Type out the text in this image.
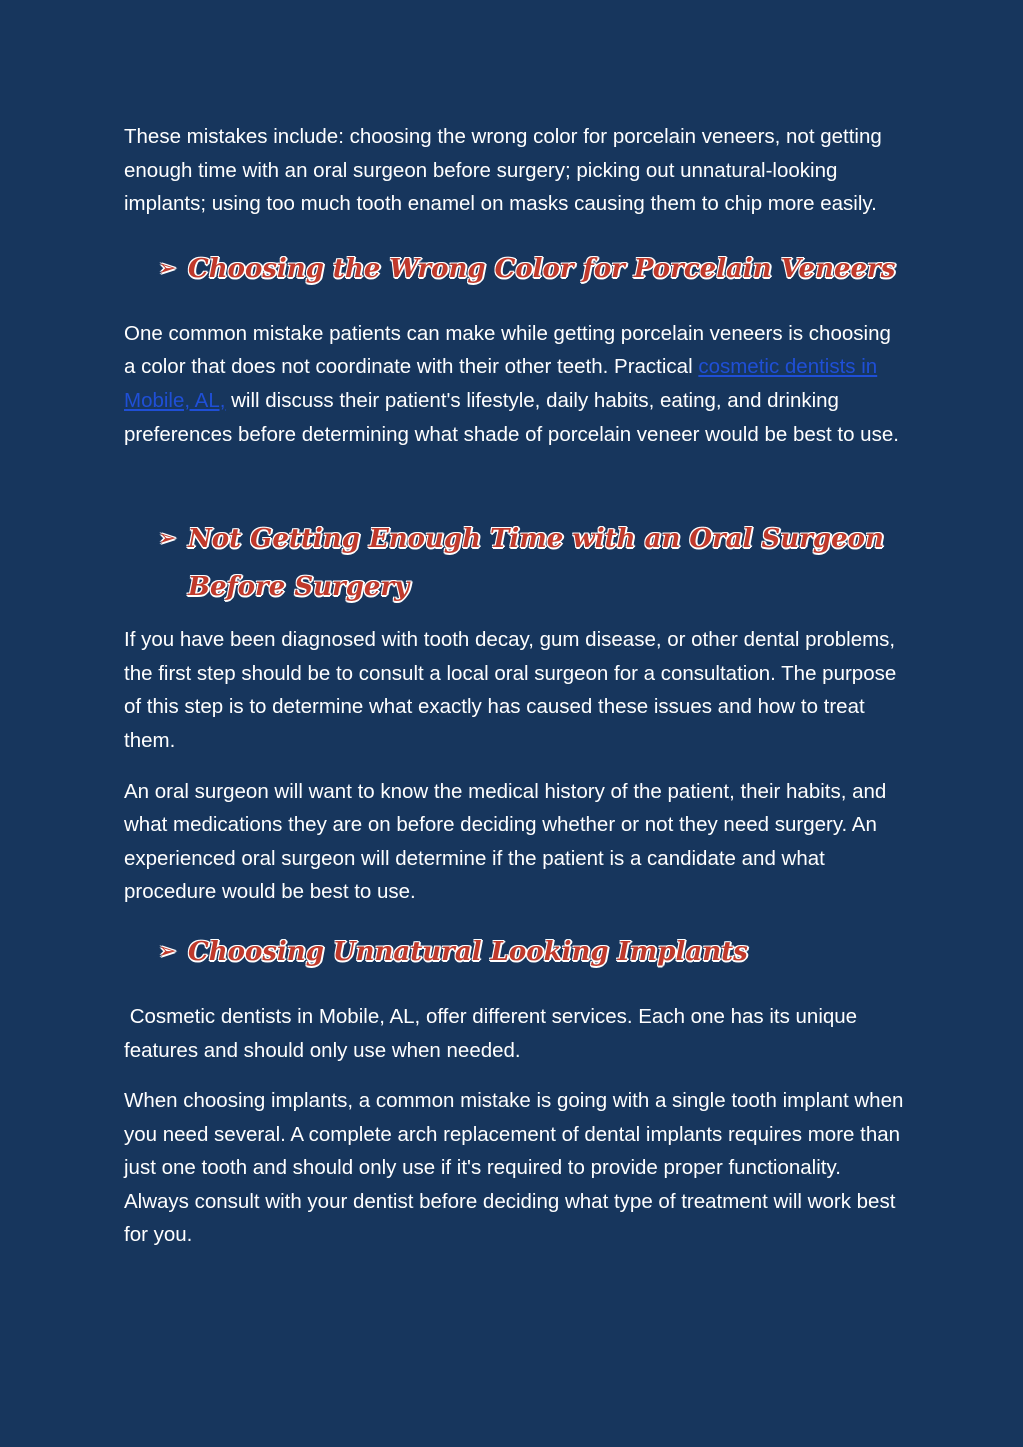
These mistakes include: choosing the wrong color for porcelain veneers, not getting enough time with an oral surgeon before surgery; picking out unnatural-looking implants; using too much tooth enamel on masks causing them to chip more easily.

➢ Choosing the Wrong Color for Porcelain Veneers

One common mistake patients can make while getting porcelain veneers is choosing a color that does not coordinate with their other teeth. Practical cosmetic dentists in Mobile, AL, will discuss their patient's lifestyle, daily habits, eating, and drinking preferences before determining what shade of porcelain veneer would be best to use.

➢ Not Getting Enough Time with an Oral Surgeon Before Surgery

If you have been diagnosed with tooth decay, gum disease, or other dental problems, the first step should be to consult a local oral surgeon for a consultation. The purpose of this step is to determine what exactly has caused these issues and how to treat them.

An oral surgeon will want to know the medical history of the patient, their habits, and what medications they are on before deciding whether or not they need surgery. An experienced oral surgeon will determine if the patient is a candidate and what procedure would be best to use.

➢ Choosing Unnatural Looking Implants

Cosmetic dentists in Mobile, AL, offer different services. Each one has its unique features and should only use when needed.

When choosing implants, a common mistake is going with a single tooth implant when you need several. A complete arch replacement of dental implants requires more than just one tooth and should only use if it's required to provide proper functionality. Always consult with your dentist before deciding what type of treatment will work best for you.
